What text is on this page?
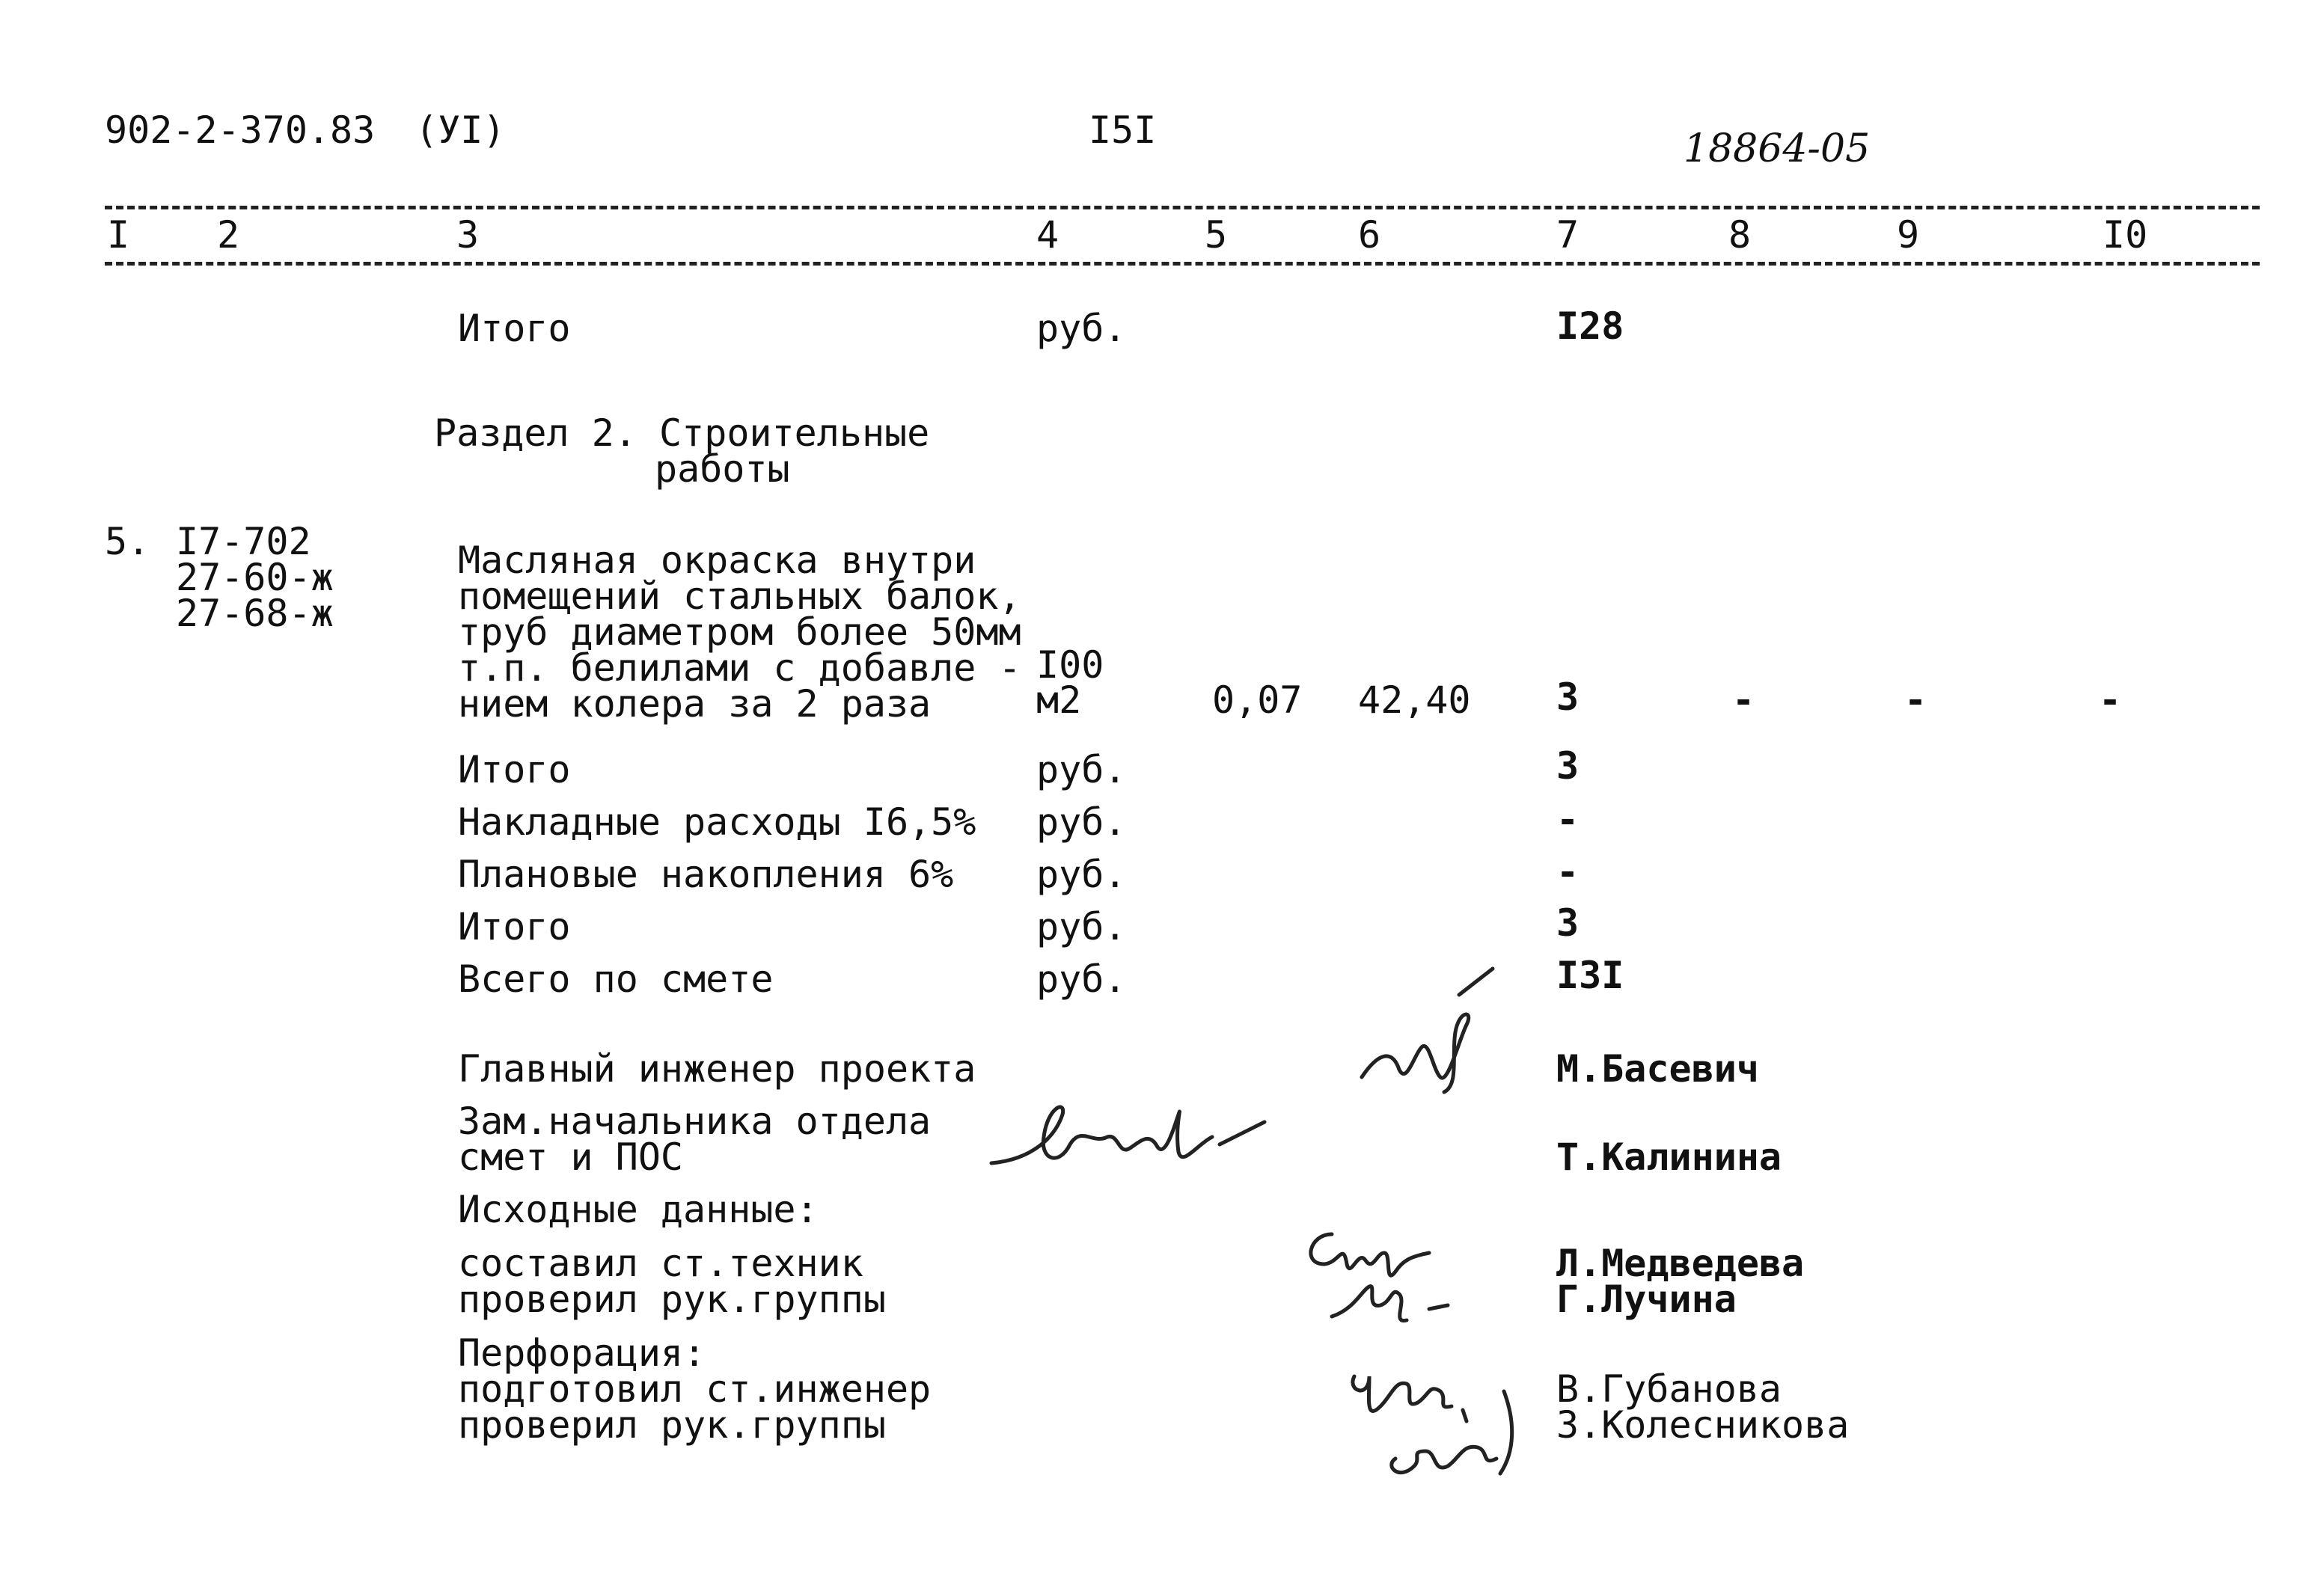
902-2-370.83 (УI)	I5I	18864-05
I 2	3	4	5	6	7	8	9	I0
Итого	руб.	I28
Раздел 2. Строительные
работы
5. I7-702
27-60-ж
27-68-ж
Масляная окраска внутри
помещений стальных балок,
труб диаметром более 50мм
т.п. белилами с добавле -
нием колера за 2 раза
I00
м2	0,07 42,40 3	-	-	-
Итого	руб.	3
Накладные расходы I6,5% руб.	-
Плановые накопления 6% руб.	-
Итого	руб.	3
Всего по смете	руб.	I3I
Главный инженер проекта	М.Басевич
Зам.начальника отдела
смет и ПОС	Т.Калинина
Исходные данные:
составил ст.техник	Л.Медведева
проверил рук.группы	Г.Лучина
Перфорация:
подготовил ст.инженер	В.Губанова
проверил рук.группы	З.Колесникова
